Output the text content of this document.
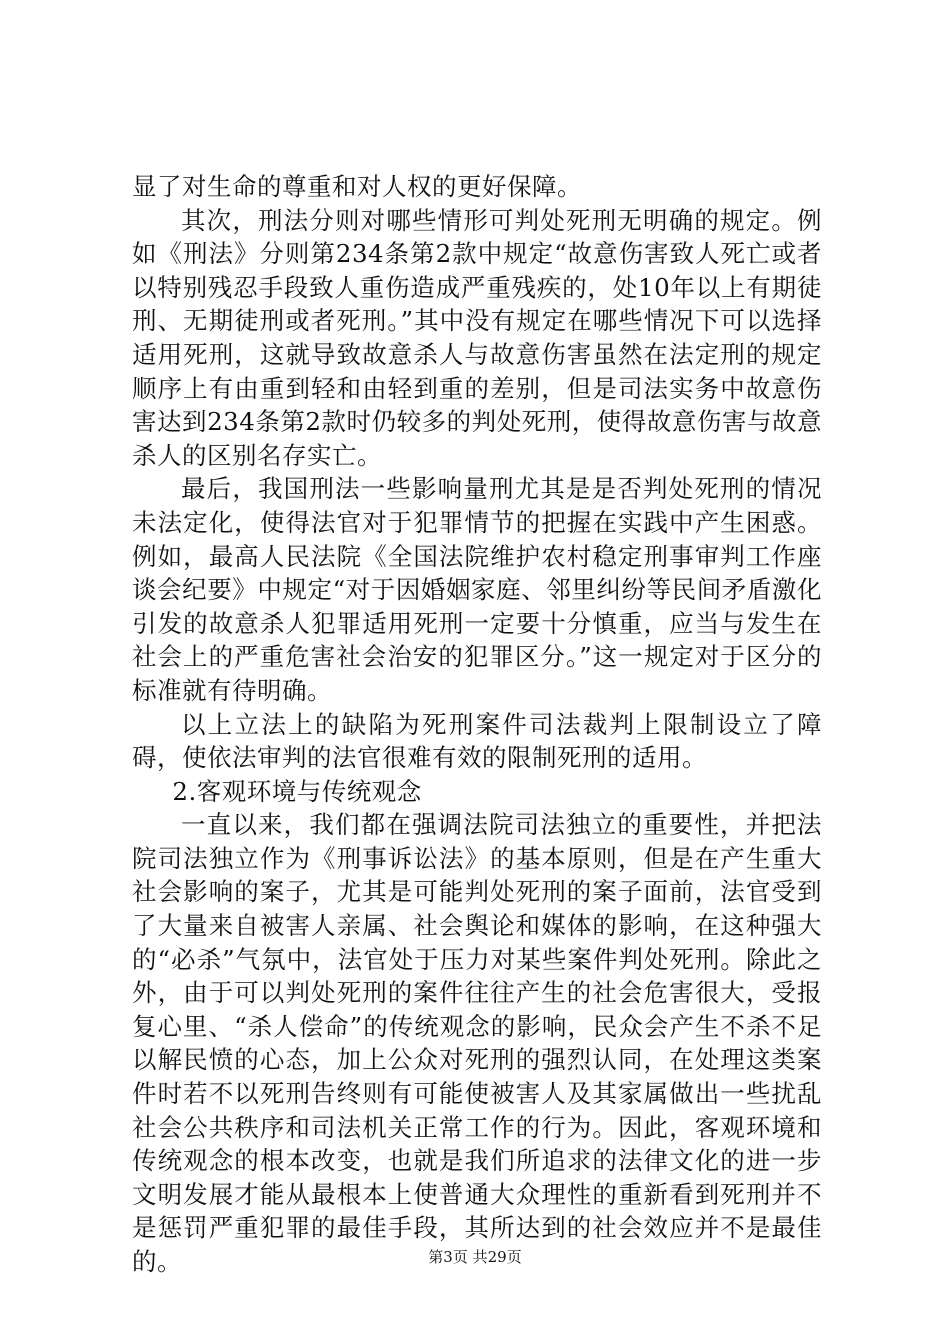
显了对生命的尊重和对人权的更好保障。

其次，刑法分则对哪些情形可判处死刑无明确的规定。例如《刑法》分则第234条第2款中规定“故意伤害致人死亡或者以特别残忍手段致人重伤造成严重残疾的，处10年以上有期徒刑、无期徒刑或者死刑。”其中没有规定在哪些情况下可以选择适用死刑，这就导致故意杀人与故意伤害虽然在法定刑的规定顺序上有由重到轻和由轻到重的差别，但是司法实务中故意伤害达到234条第2款时仍较多的判处死刑，使得故意伤害与故意杀人的区别名存实亡。

最后，我国刑法一些影响量刑尤其是是否判处死刑的情况未法定化，使得法官对于犯罪情节的把握在实践中产生困惑。例如，最高人民法院《全国法院维护农村稳定刑事审判工作座谈会纪要》中规定“对于因婚姻家庭、邻里纠纷等民间矛盾激化引发的故意杀人犯罪适用死刑一定要十分慎重，应当与发生在社会上的严重危害社会治安的犯罪区分。”这一规定对于区分的标准就有待明确。

以上立法上的缺陷为死刑案件司法裁判上限制设立了障碍，使依法审判的法官很难有效的限制死刑的适用。

2.客观环境与传统观念

一直以来，我们都在强调法院司法独立的重要性，并把法院司法独立作为《刑事诉讼法》的基本原则，但是在产生重大社会影响的案子，尤其是可能判处死刑的案子面前，法官受到了大量来自被害人亲属、社会舆论和媒体的影响，在这种强大的“必杀”气氛中，法官处于压力对某些案件判处死刑。除此之外，由于可以判处死刑的案件往往产生的社会危害很大，受报复心里、“杀人偿命”的传统观念的影响，民众会产生不杀不足以解民愤的心态，加上公众对死刑的强烈认同，在处理这类案件时若不以死刑告终则有可能使被害人及其家属做出一些扰乱社会公共秩序和司法机关正常工作的行为。因此，客观环境和传统观念的根本改变，也就是我们所追求的法律文化的进一步文明发展才能从最根本上使普通大众理性的重新看到死刑并不是惩罚严重犯罪的最佳手段，其所达到的社会效应并不是最佳的。	第3页 共29页
